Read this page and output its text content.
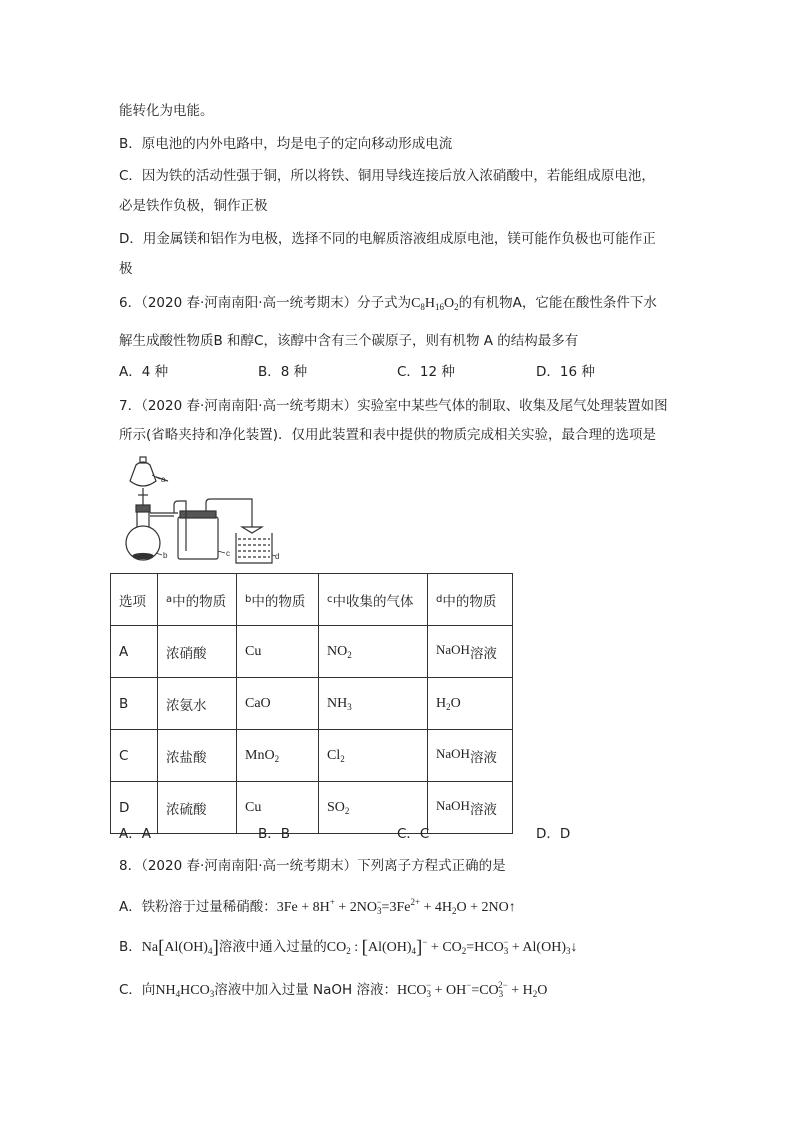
能转化为电能。
B．原电池的内外电路中，均是电子的定向移动形成电流
C．因为铁的活动性强于铜，所以将铁、铜用导线连接后放入浓硝酸中，若能组成原电池，
必是铁作负极，铜作正极
D．用金属镁和铝作为电极，选择不同的电解质溶液组成原电池，镁可能作负极也可能作正
极
6．（2020 春·河南南阳·高一统考期末）分子式为$C_8H_{16}O_2$的有机物A，它能在酸性条件下水
解生成酸性物质B 和醇C，该醇中含有三个碳原子，则有机物 A 的结构最多有
A．4 种	B．8 种	C．12 种	D．16 种
7．（2020 春·河南南阳·高一统考期末）实验室中某些气体的制取、收集及尾气处理装置如图
所示(省略夹持和净化装置)．仅用此装置和表中提供的物质完成相关实验，最合理的选项是
a
b	c	d
选项	$^a$中的物质	$^b$中的物质	$^c$中收集的气体	$^d$中的物质
A	浓硝酸	Cu	$NO_2$	NaOH溶液
B	浓氨水	CaO	$NH_3$	$H_2O$
C	浓盐酸	MnO$_2$	$Cl_2$	NaOH溶液
D	浓硫酸	Cu	$SO_2$	NaOH溶液
A．A	B．B	C．C	D．D
8．（2020 春·河南南阳·高一统考期末）下列离子方程式正确的是
A．铁粉溶于过量稀硝酸：$3Fe + 8H^+ + 2NO_3^-=3Fe^{2+} + 4H_2O$ + 2NO↑
B．$Na[Al(OH)_4]$溶液中通入过量的$CO_2$ : $[Al(OH)_4]^- + CO_2=HCO_3^-$ + $Al(OH)_3↓$
C．向$NH_4HCO_3$溶液中加入过量 NaOH 溶液：$HCO_3^- + OH^-=CO_3^{2-} + H_2O$
